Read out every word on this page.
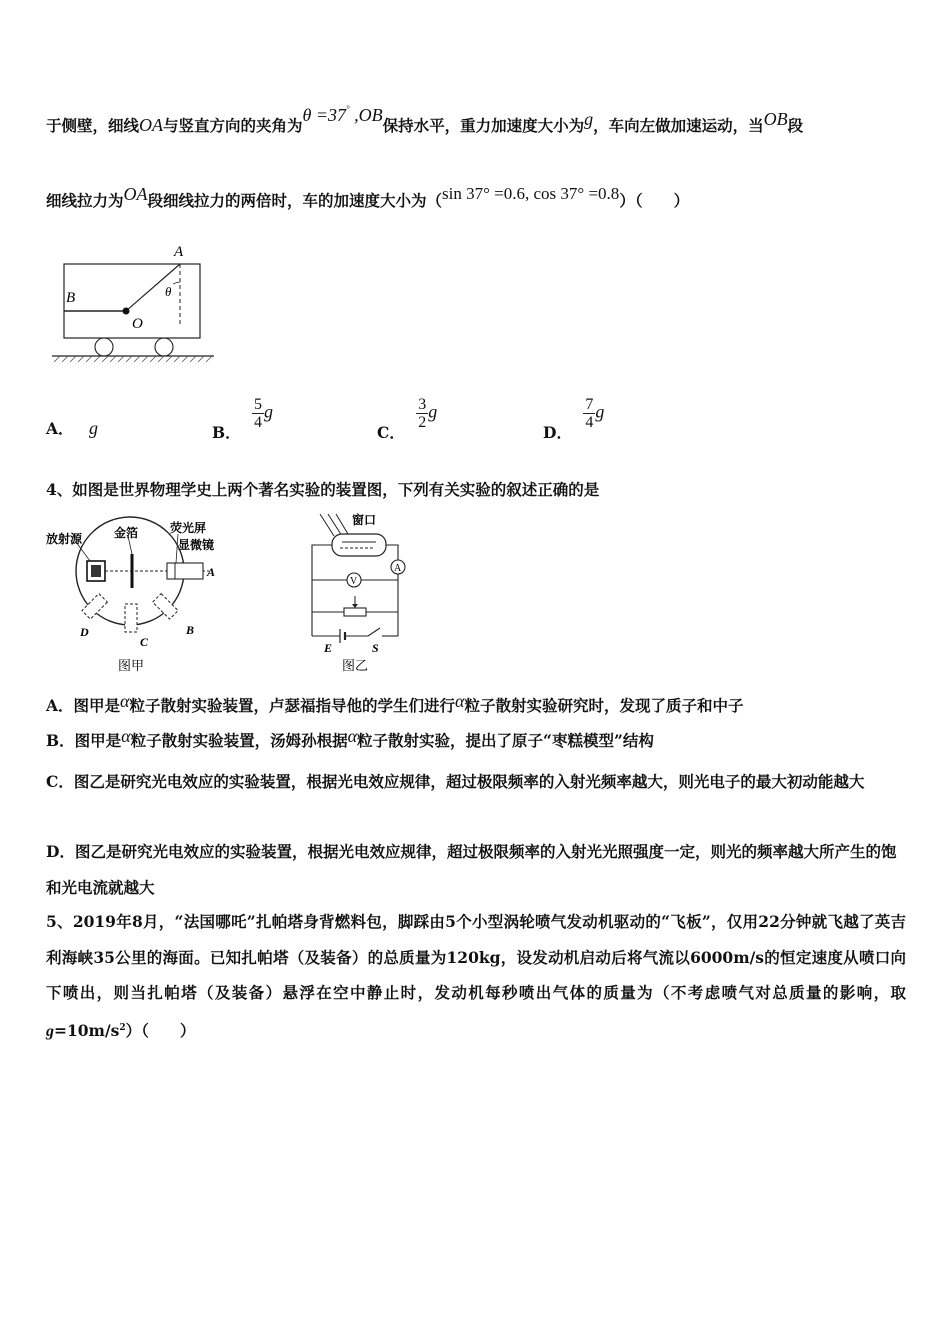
于侧壁，细线OA与竖直方向的夹角为θ =37° ,OB保持水平，重力加速度大小为g，车向左做加速运动，当OB段
细线拉力为OA段细线拉力的两倍时，车的加速度大小为（sin 37° =0.6, cos 37° =0.8）（　　）
A
B
O
θ
A． g	B．
$\frac{5}{4}$ g
C．
$\frac{3}{2}$ g
D．
$\frac{7}{4}$ g
4、如图是世界物理学史上两个著名实验的装置图，下列有关实验的叙述正确的是
放射源	金箔	荧光屏
显微镜
A
B
C
D
图甲
窗口
V
A
E	S
图乙
A．图甲是α粒子散射实验装置，卢瑟福指导他的学生们进行α粒子散射实验研究时，发现了质子和中子
B．图甲是α粒子散射实验装置，汤姆孙根据α粒子散射实验，提出了原子“枣糕模型”结构
C．图乙是研究光电效应的实验装置，根据光电效应规律，超过极限频率的入射光频率越大，则光电子的最大初动能越大
D．图乙是研究光电效应的实验装置，根据光电效应规律，超过极限频率的入射光光照强度一定，则光的频率越大所产生的饱和光电流就越大
5、2019年8月，“法国哪吒”扎帕塔身背燃料包，脚踩由5个小型涡轮喷气发动机驱动的“飞板”，仅用22分钟就飞越了英吉利海峡35公里的海面。已知扎帕塔（及装备）的总质量为120kg，设发动机启动后将气流以6000m/s的恒定速度从喷口向下喷出，则当扎帕塔（及装备）悬浮在空中静止时，发动机每秒喷出气体的质量为（不考虑喷气对总质量的影响，取$g=10m/s^2$）（　　）
